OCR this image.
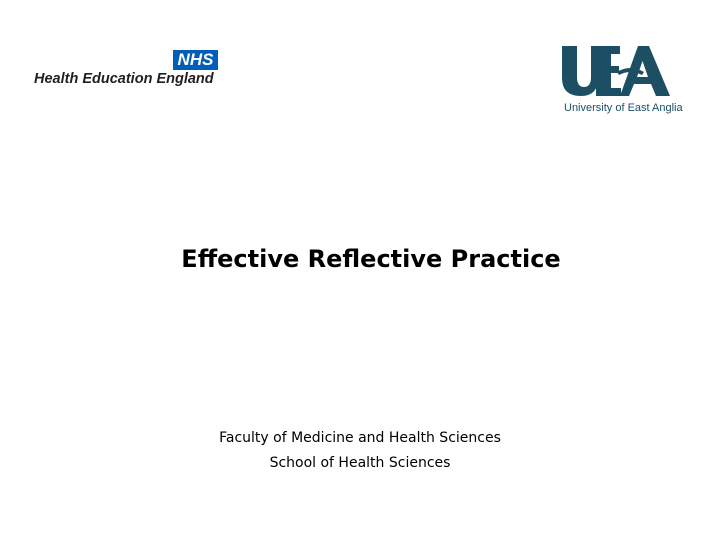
NHS
Health Education England
University of East Anglia
Effective Reflective Practice
Faculty of Medicine and Health Sciences
School of Health Sciences
